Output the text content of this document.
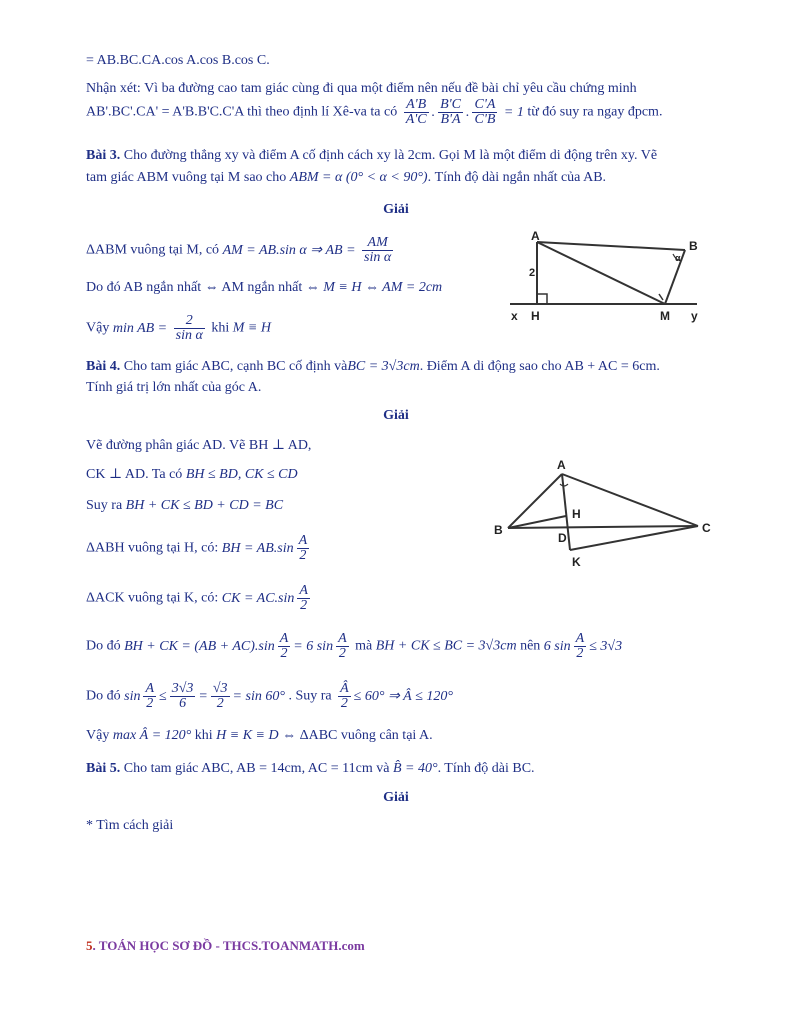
= AB.BC.CA.cos A.cos B.cos C.
Nhận xét: Vì ba đường cao tam giác cùng đi qua một điểm nên nếu đề bài chỉ yêu cầu chứng minh
AB'.BC'.CA' = A'B.B'C.C'A thì theo định lí Xê-va ta có $\frac{A'B}{A'C}$ . $\frac{B'C}{B'A}$ . $\frac{C'A}{C'B} = 1$ từ đó suy ra ngay đpcm.
Bài 3. Cho đường thẳng xy và điểm A cố định cách xy là 2cm. Gọi M là một điểm di động trên xy. Vẽ
tam giác ABM vuông tại M sao cho ABM = α (0° < α < 90°). Tính độ dài ngắn nhất của AB.
Giải
ΔABM vuông tại M, có AM = AB.sin α ⇒ AB = $\frac{AM}{\text{sin α}}$
Do đó AB ngắn nhất ⇔ AM ngắn nhất ⇔ M ≡ H ⇔ AM = 2cm
Vậy min AB = $\frac{2}{\text{sin α}}$ khi M ≡ H
A
B
H	M
x	y
2
α
Bài 4. Cho tam giác ABC, cạnh BC cố định vàBC = 3√3cm. Điểm A di động sao cho AB + AC = 6cm.
Tính giá trị lớn nhất của góc A.
Giải
Vẽ đường phân giác AD. Vẽ BH ⊥ AD,
CK ⊥ AD. Ta có BH ≤ BD, CK ≤ CD
Suy ra BH + CK ≤ BD + CD = BC
ΔABH vuông tại H, có: BH = $AB.\sin \frac{A}{2}$
ΔACK vuông tại K, có: CK = $AC.\sin \frac{A}{2}$
Do đó BH + CK = $(AB + AC).\sin \frac{A}{2} = 6$ $\sin \frac{A}{2}$ mà BH + CK ≤ BC = 3√3cm nên 6 $\sin \frac{A}{2} \le 3√3$
Do đó $\sin \frac{A}{2} \le \frac{3√3}{6} = \frac{√3}{2} = \sin 60^\circ$ . Suy ra $\frac{Â}{2} \le 60^\circ$ ⇒ Â ≤ 120°
Vậy max Â = 120° khi H ≡ K ≡ D ⇔ ΔABC vuông cân tại A.
A
B	C
H
D
K
Bài 5. Cho tam giác ABC, AB = 14cm, AC = 11cm và B̂ = 40°. Tính độ dài BC.
Giải
* Tìm cách giải
5. TOÁN HỌC SƠ ĐỒ - THCS.TOANMATH.com
